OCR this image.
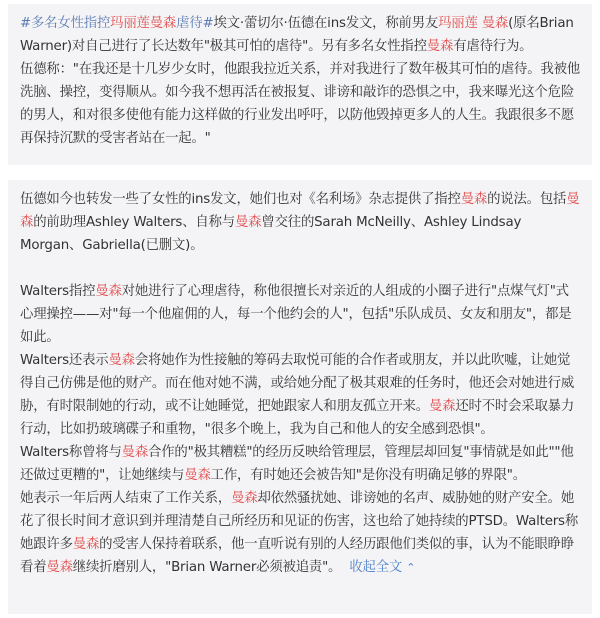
#多名女性指控玛丽莲曼森虐待#埃文·蕾切尔·伍德在ins发文，称前男友玛丽莲 曼森(原名Brian Warner)对自己进行了长达数年"极其可怕的虐待"。另有多名女性指控曼森有虐待行为。

伍德称："在我还是十几岁少女时，他跟我拉近关系，并对我进行了数年极其可怕的虐待。我被他洗脑、操控，变得顺从。如今我不想再活在被报复、诽谤和敲诈的恐惧之中，我来曝光这个危险的男人，和对很多使他有能力这样做的行业发出呼吁，以防他毁掉更多人的人生。我跟很多不愿再保持沉默的受害者站在一起。"

伍德如今也转发一些了女性的ins发文，她们也对《名利场》杂志提供了指控曼森的说法。包括曼森的前助理Ashley Walters、自称与曼森曾交往的Sarah McNeilly、Ashley Lindsay Morgan、Gabriella(已删文)。

Walters指控曼森对她进行了心理虐待，称他很擅长对亲近的人组成的小圈子进行"点煤气灯"式心理操控——对"每一个他雇佣的人，每一个他约会的人"，包括"乐队成员、女友和朋友"，都是如此。

Walters还表示曼森会将她作为性接触的筹码去取悦可能的合作者或朋友，并以此吹嘘，让她觉得自己仿佛是他的财产。而在他对她不满，或给她分配了极其艰难的任务时，他还会对她进行威胁，有时限制她的行动，或不让她睡觉，把她跟家人和朋友孤立开来。曼森还时不时会采取暴力行动，比如扔玻璃碟子和重物，"很多个晚上，我为自己和他人的安全感到恐惧"。

Walters称曾将与曼森合作的"极其糟糕"的经历反映给管理层，管理层却回复"事情就是如此""他还做过更糟的"，让她继续与曼森工作，有时她还会被告知"是你没有明确足够的界限"。

她表示一年后两人结束了工作关系，曼森却依然骚扰她、诽谤她的名声、威胁她的财产安全。她花了很长时间才意识到并理清楚自己所经历和见证的伤害，这也给了她持续的PTSD。Walters称她跟许多曼森的受害人保持着联系，他一直听说有别的人经历跟他们类似的事，认为不能眼睁睁看着曼森继续折磨别人，"Brian Warner必须被追责"。 收起全文 ⌃
